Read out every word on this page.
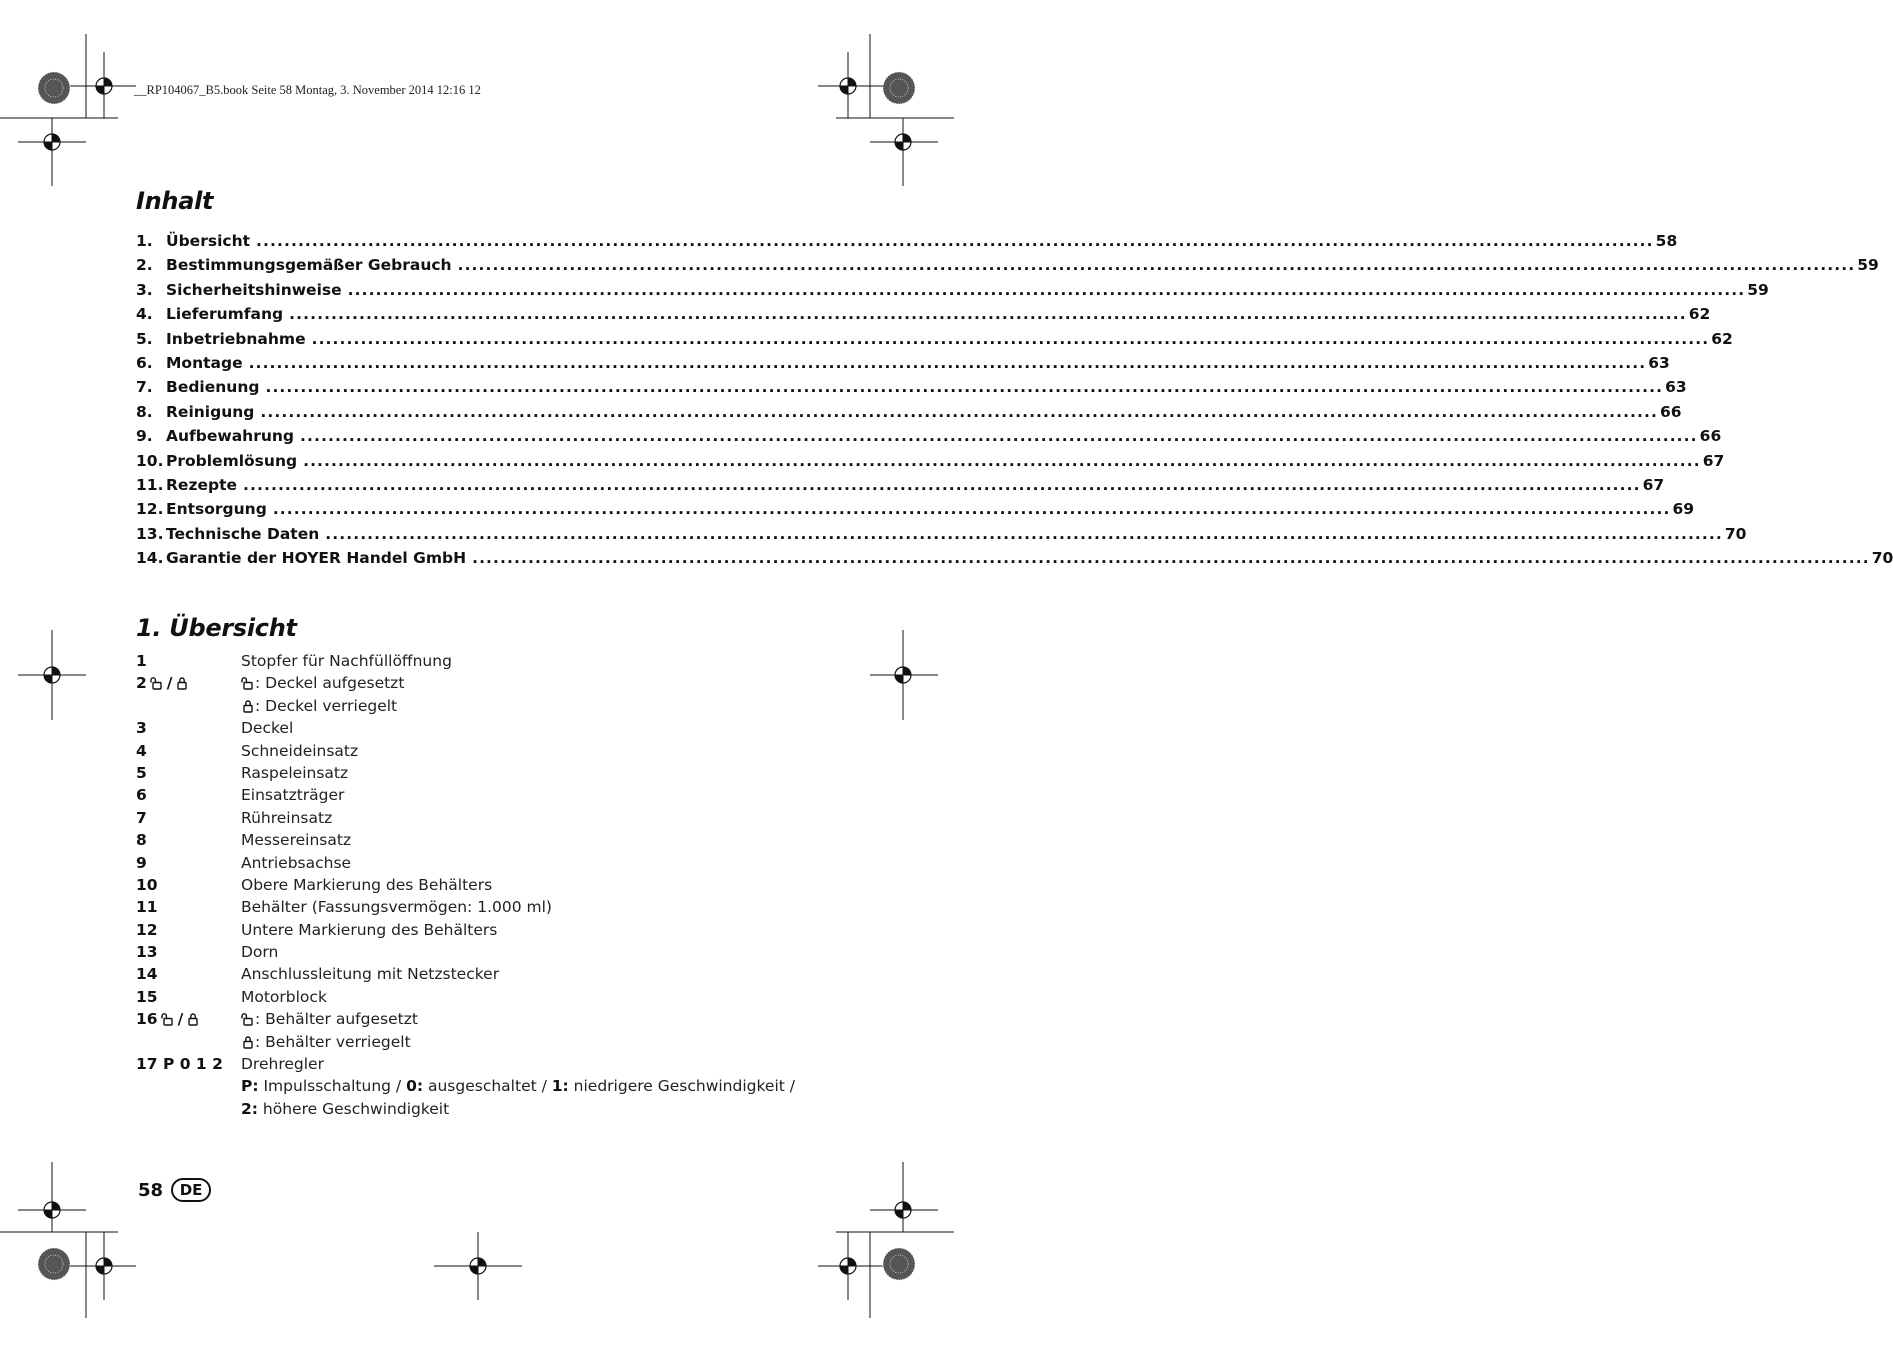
__RP104067_B5.book Seite 58 Montag, 3. November 2014 12:16 12
Inhalt
1. Übersicht ........................................................................................................................................................................................................ 58
2. Bestimmungsgemäßer Gebrauch ........................................................................................................................................................................................................ 59
3. Sicherheitshinweise ........................................................................................................................................................................................................ 59
4. Lieferumfang ........................................................................................................................................................................................................ 62
5. Inbetriebnahme ........................................................................................................................................................................................................ 62
6. Montage ........................................................................................................................................................................................................ 63
7. Bedienung ........................................................................................................................................................................................................ 63
8. Reinigung ........................................................................................................................................................................................................ 66
9. Aufbewahrung ........................................................................................................................................................................................................ 66
10. Problemlösung ........................................................................................................................................................................................................ 67
11. Rezepte ........................................................................................................................................................................................................ 67
12. Entsorgung ........................................................................................................................................................................................................ 69
13. Technische Daten ........................................................................................................................................................................................................ 70
14. Garantie der HOYER Handel GmbH ........................................................................................................................................................................................................ 70
1. Übersicht
1	Stopfer für Nachfüllöffnung
2 /	: Deckel aufgesetzt
: Deckel verriegelt
3	Deckel
4	Schneideinsatz
5	Raspeleinsatz
6	Einsatzträger
7	Rühreinsatz
8	Messereinsatz
9	Antriebsachse
10	Obere Markierung des Behälters
11	Behälter (Fassungsvermögen: 1.000 ml)
12	Untere Markierung des Behälters
13	Dorn
14	Anschlussleitung mit Netzstecker
15	Motorblock
16 /	: Behälter aufgesetzt
: Behälter verriegelt
17 P 0 1 2 Drehregler
P: Impulsschaltung / 0: ausgeschaltet / 1: niedrigere Geschwindigkeit /
2: höhere Geschwindigkeit
58	DE
